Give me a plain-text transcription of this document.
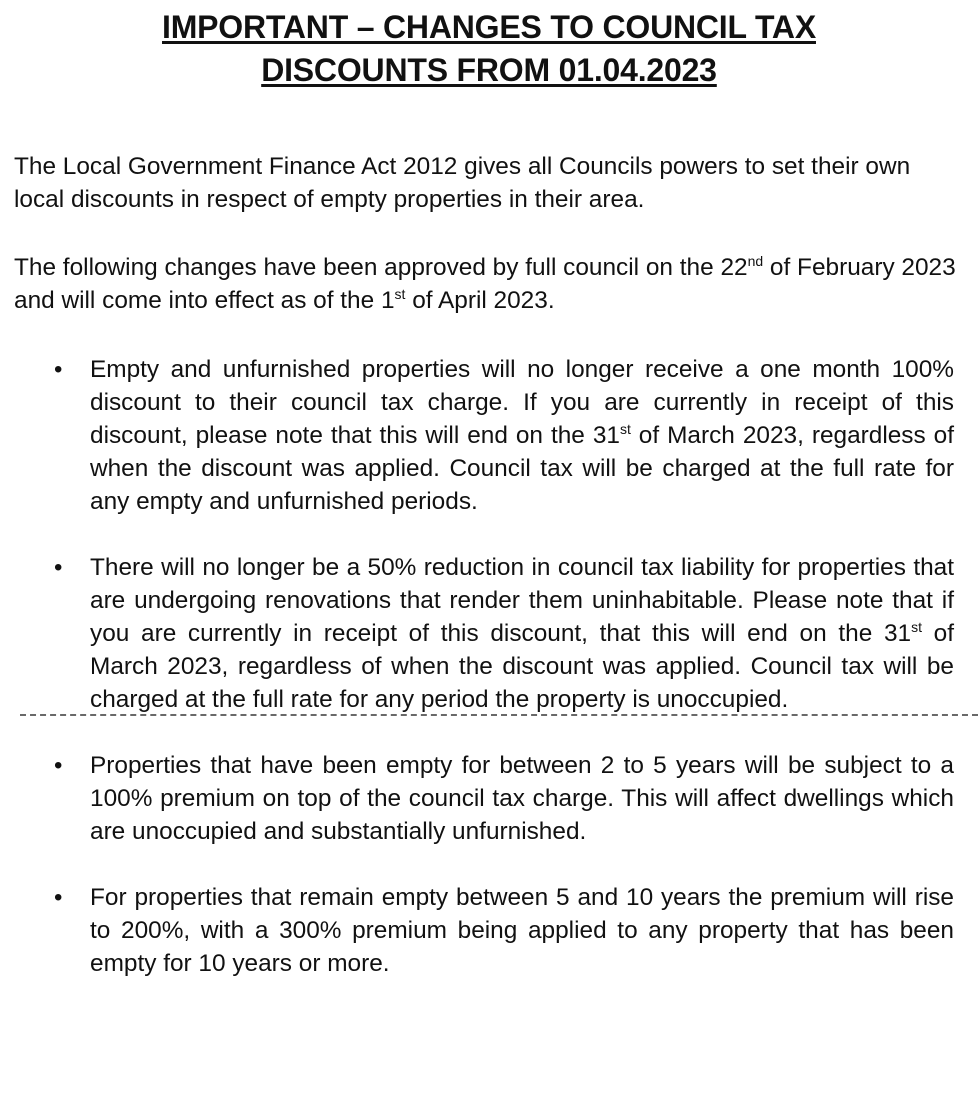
IMPORTANT – CHANGES TO COUNCIL TAX
DISCOUNTS FROM 01.04.2023

The Local Government Finance Act 2012 gives all Councils powers to set their own local discounts in respect of empty properties in their area.

The following changes have been approved by full council on the 22nd of February 2023 and will come into effect as of the 1st of April 2023.

• Empty and unfurnished properties will no longer receive a one month 100% discount to their council tax charge. If you are currently in receipt of this discount, please note that this will end on the 31st of March 2023, regardless of when the discount was applied. Council tax will be charged at the full rate for any empty and unfurnished periods.
• There will no longer be a 50% reduction in council tax liability for properties that are undergoing renovations that render them uninhabitable. Please note that if you are currently in receipt of this discount, that this will end on the 31st of March 2023, regardless of when the discount was applied. Council tax will be charged at the full rate for any period the property is unoccupied.
• Properties that have been empty for between 2 to 5 years will be subject to a 100% premium on top of the council tax charge. This will affect dwellings which are unoccupied and substantially unfurnished.
• For properties that remain empty between 5 and 10 years the premium will rise to 200%, with a 300% premium being applied to any property that has been empty for 10 years or more.
